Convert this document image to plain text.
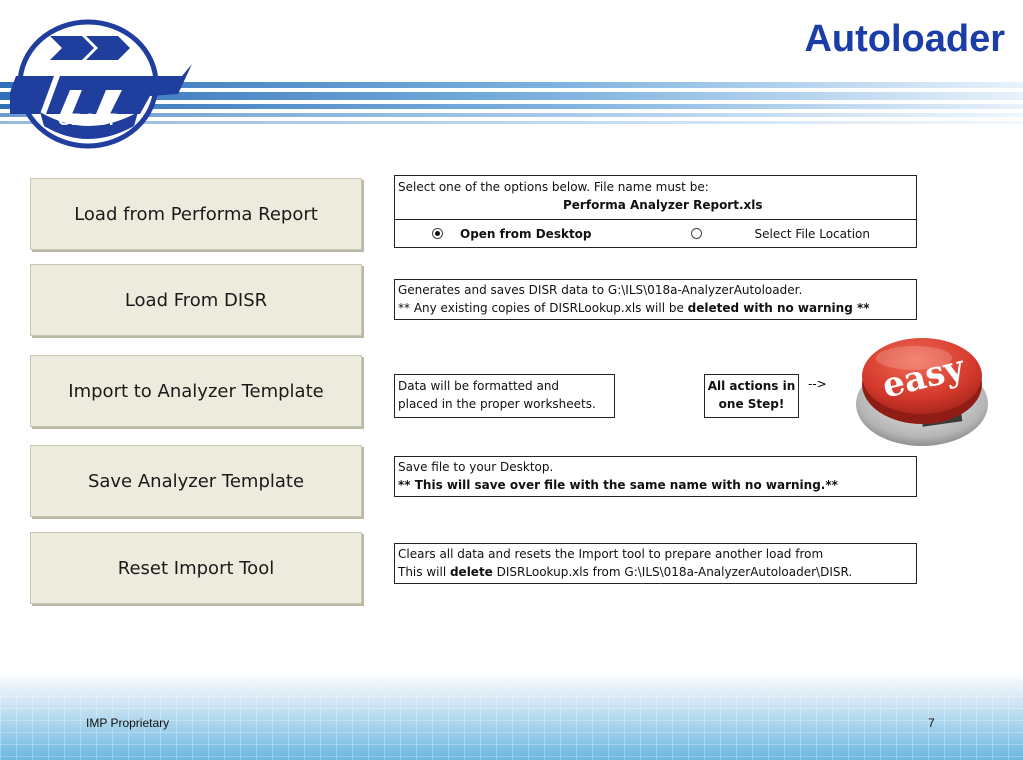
GROUP
Autoloader
Load from Performa Report
Load From DISR
Import to Analyzer Template
Save Analyzer Template
Reset Import Tool
Select one of the options below. File name must be:
Performa Analyzer Report.xls
Open from Desktop	Select File Location
Generates and saves DISR data to G:\ILS\018a-AnalyzerAutoloader.
** Any existing copies of DISRLookup.xls will be deleted with no warning **
Data will be formatted and
placed in the proper worksheets.
All actions in
one Step!
--> easy
Save file to your Desktop.
** This will save over file with the same name with no warning.**
Clears all data and resets the Import tool to prepare another load from
This will delete DISRLookup.xls from G:\ILS\018a-AnalyzerAutoloader\DISR.
IMP Proprietary	7
